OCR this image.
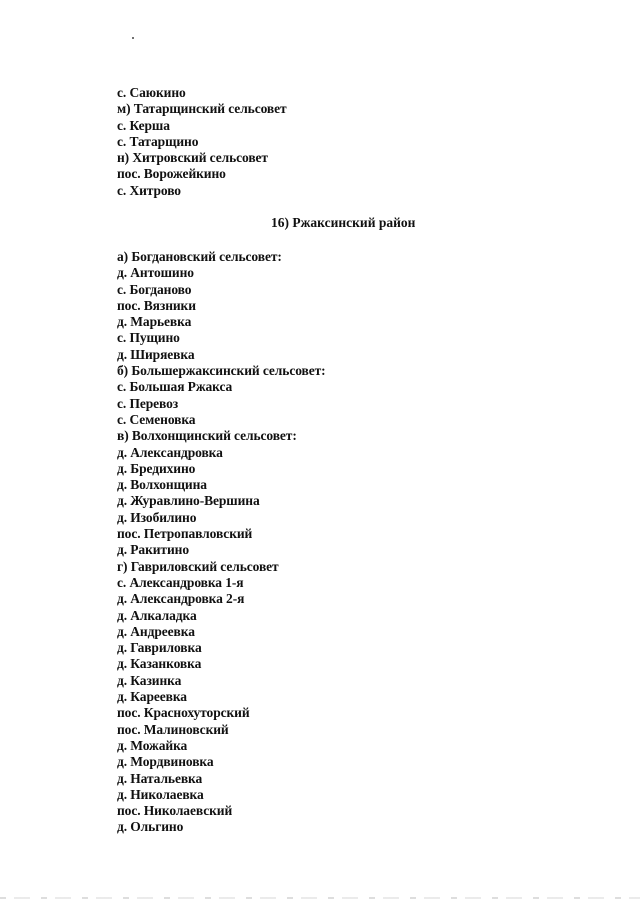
с. Саюкино
м) Татарщинский сельсовет
с. Керша
с. Татарщино
н) Хитровский сельсовет
пос. Ворожейкино
с. Хитрово
16) Ржаксинский район
а) Богдановский сельсовет:
д. Антошино
с. Богданово
пос. Вязники
д. Марьевка
с. Пущино
д. Ширяевка
б) Большержаксинский сельсовет:
с. Большая Ржакса
с. Перевоз
с. Семеновка
в) Волхонщинский сельсовет:
д. Александровка
д. Бредихино
д. Волхонщина
д. Журавлино-Вершина
д. Изобилино
пос. Петропавловский
д. Ракитино
г) Гавриловский сельсовет
с. Александровка 1-я
д. Александровка 2-я
д. Алкаладка
д. Андреевка
д. Гавриловка
д. Казанковка
д. Казинка
д. Кареевка
пос. Краснохуторский
пос. Малиновский
д. Можайка
д. Мордвиновка
д. Натальевка
д. Николаевка
пос. Николаевский
д. Ольгино
